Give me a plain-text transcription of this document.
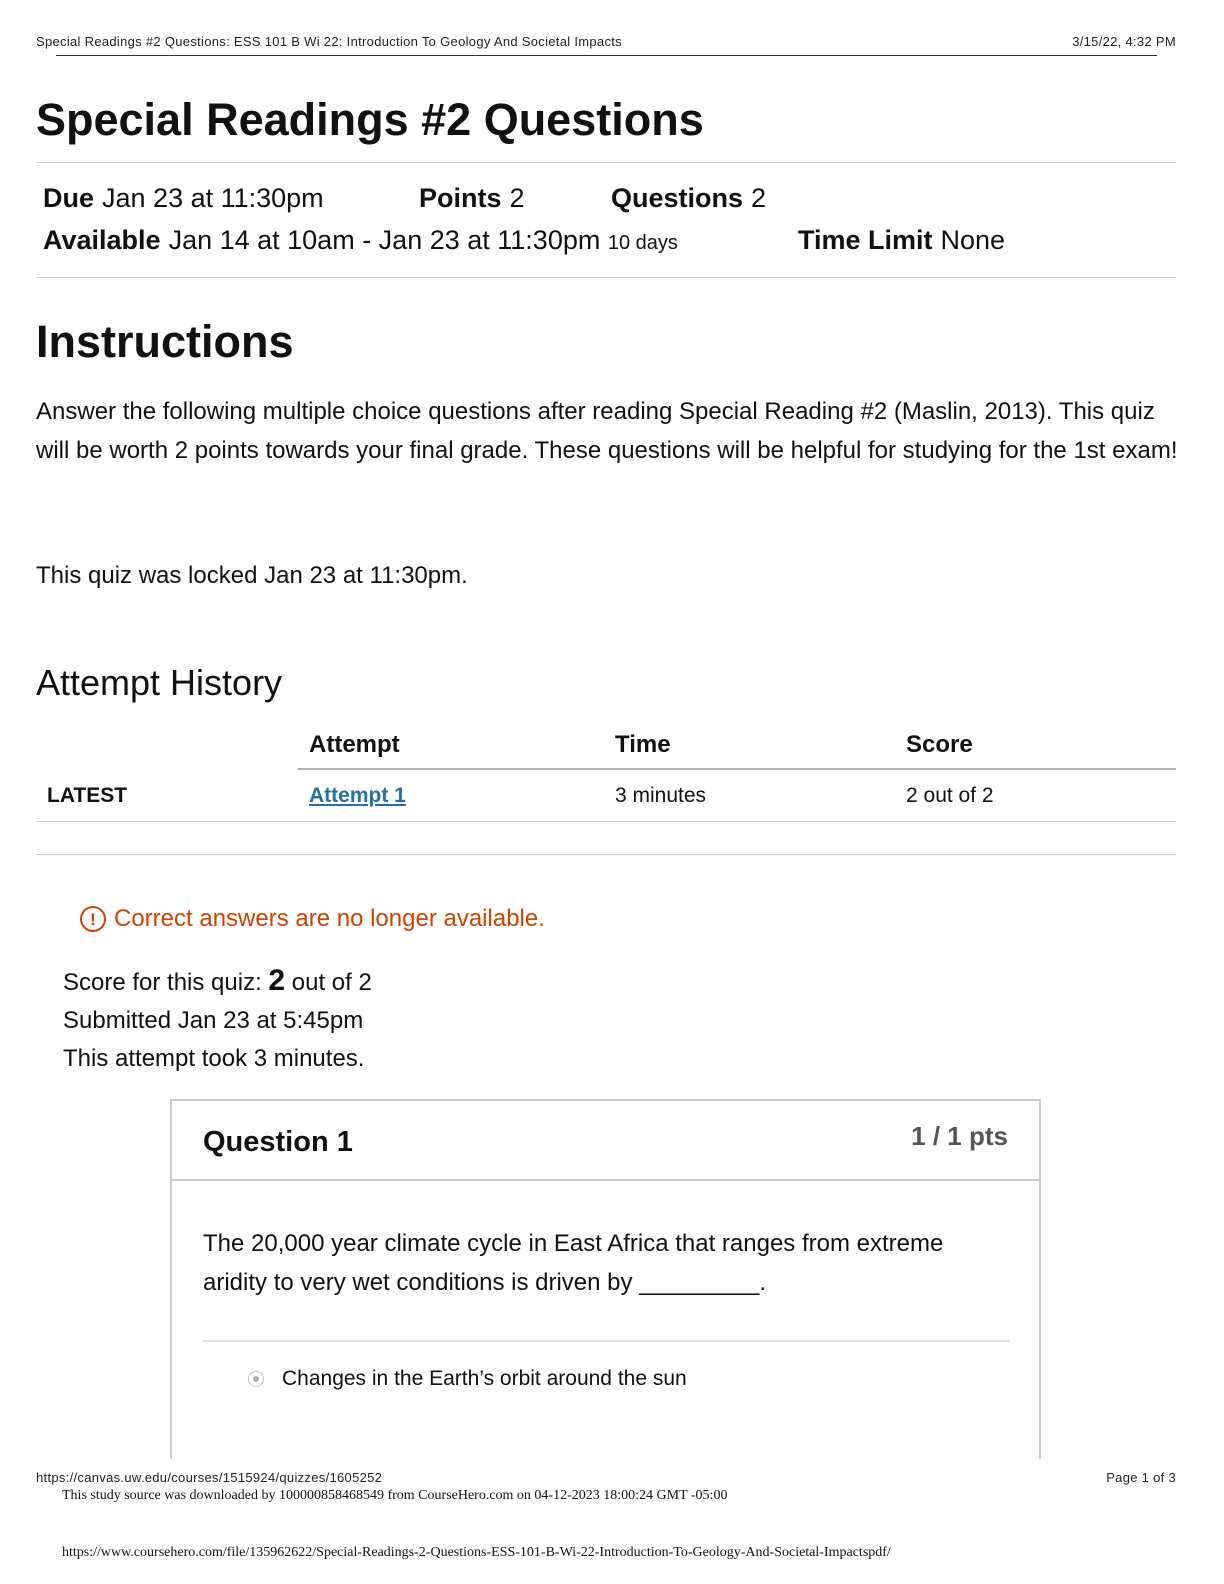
Special Readings #2 Questions: ESS 101 B Wi 22: Introduction To Geology And Societal Impacts	3/15/22, 4:32 PM
Special Readings #2 Questions
Due Jan 23 at 11:30pm	Points 2	Questions 2
Available Jan 14 at 10am - Jan 23 at 11:30pm 10 days	Time Limit None
Instructions

Answer the following multiple choice questions after reading Special Reading #2 (Maslin, 2013). This quiz will be worth 2 points towards your final grade. These questions will be helpful for studying for the 1st exam!

This quiz was locked Jan 23 at 11:30pm.

Attempt History
Attempt	Time	Score
LATEST	Attempt 1	3 minutes	2 out of 2
! Correct answers are no longer available.
Score for this quiz: 2 out of 2
Submitted Jan 23 at 5:45pm
This attempt took 3 minutes.
Question 1	1 / 1 pts

The 20,000 year climate cycle in East Africa that ranges from extreme aridity to very wet conditions is driven by _________.

Changes in the Earth’s orbit around the sun
https://canvas.uw.edu/courses/1515924/quizzes/1605252	Page 1 of 3
This study source was downloaded by 100000858468549 from CourseHero.com on 04-12-2023 18:00:24 GMT -05:00
https://www.coursehero.com/file/135962622/Special-Readings-2-Questions-ESS-101-B-Wi-22-Introduction-To-Geology-And-Societal-Impactspdf/
